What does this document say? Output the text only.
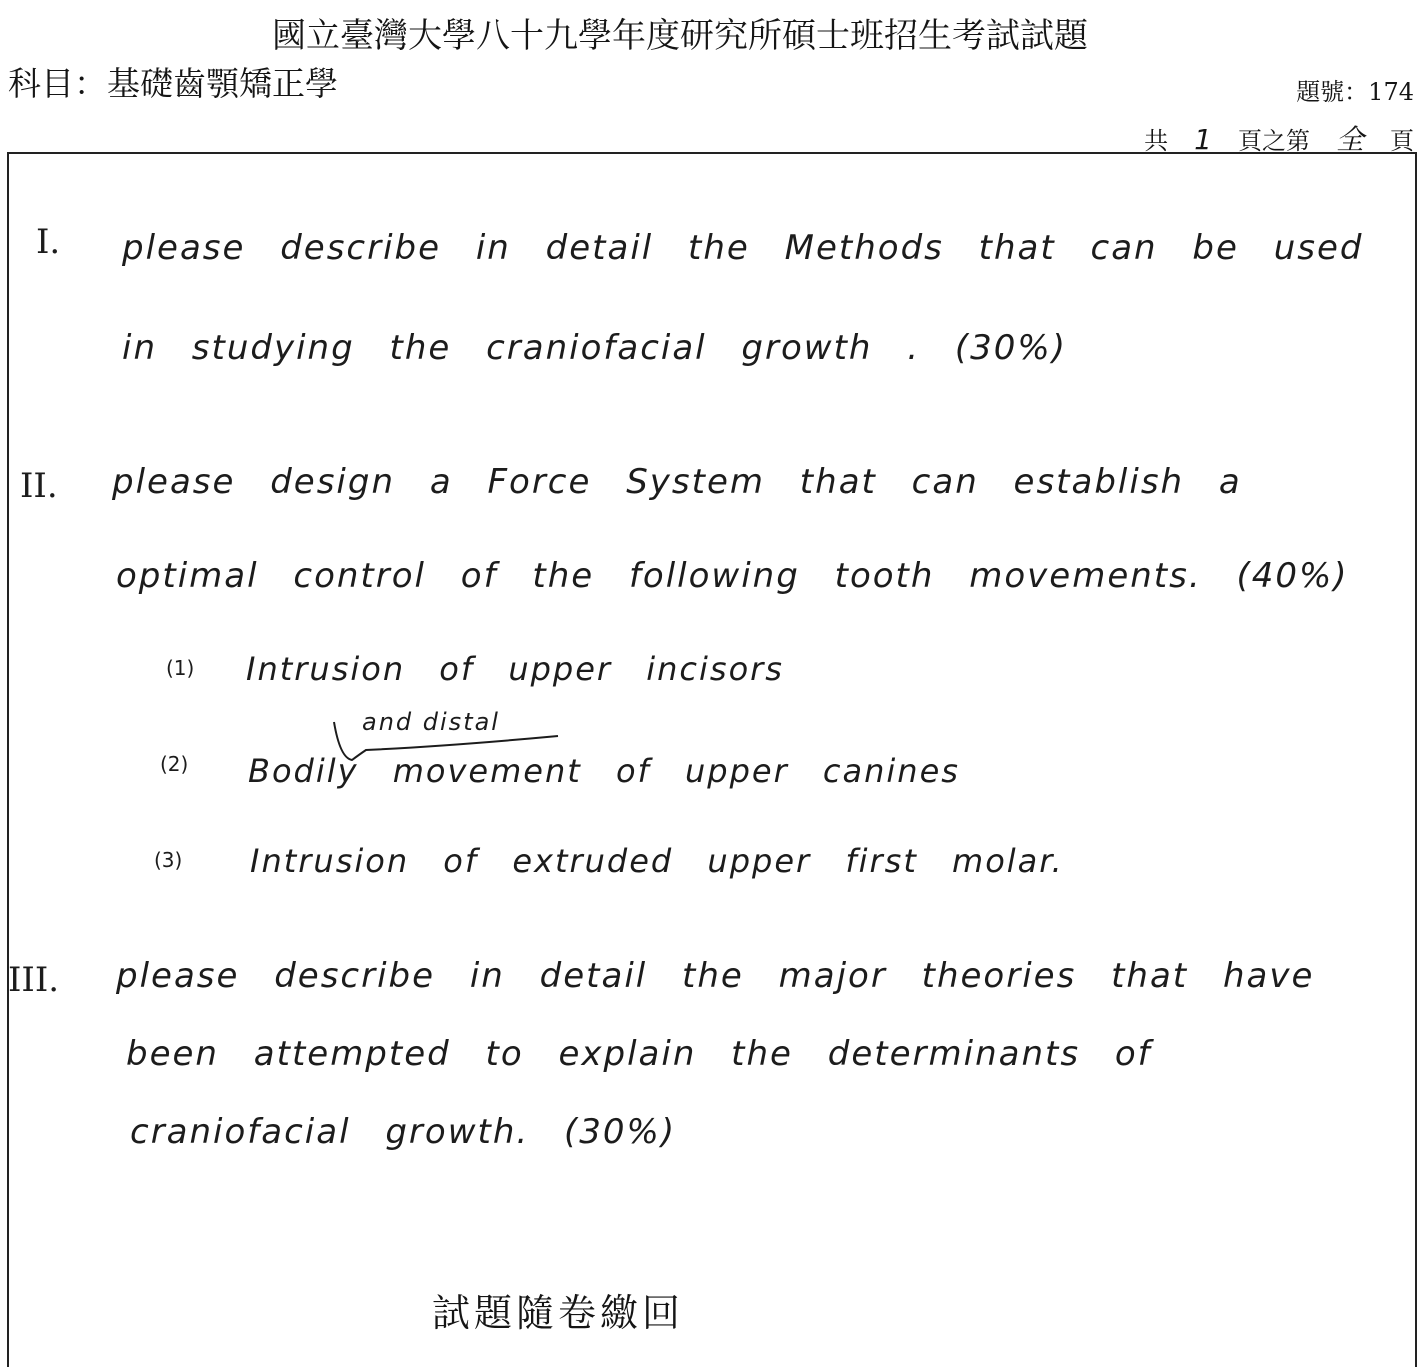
國立臺灣大學八十九學年度研究所碩士班招生考試試題
科目：基礎齒顎矯正學	題號：174
共 1 頁之第 全 頁
I. please describe in detail the Methods that can be used
in studying the craniofacial growth . (30%)
II. please design a Force System that can establish a
optimal control of the following tooth movements. (40%)
(1) Intrusion of upper incisors
and distal
(2) Bodily movement of upper canines
(3) Intrusion of extruded upper first molar.
III. please describe in detail the major theories that have
been attempted to explain the determinants of
craniofacial growth. (30%)
試題隨卷繳回
